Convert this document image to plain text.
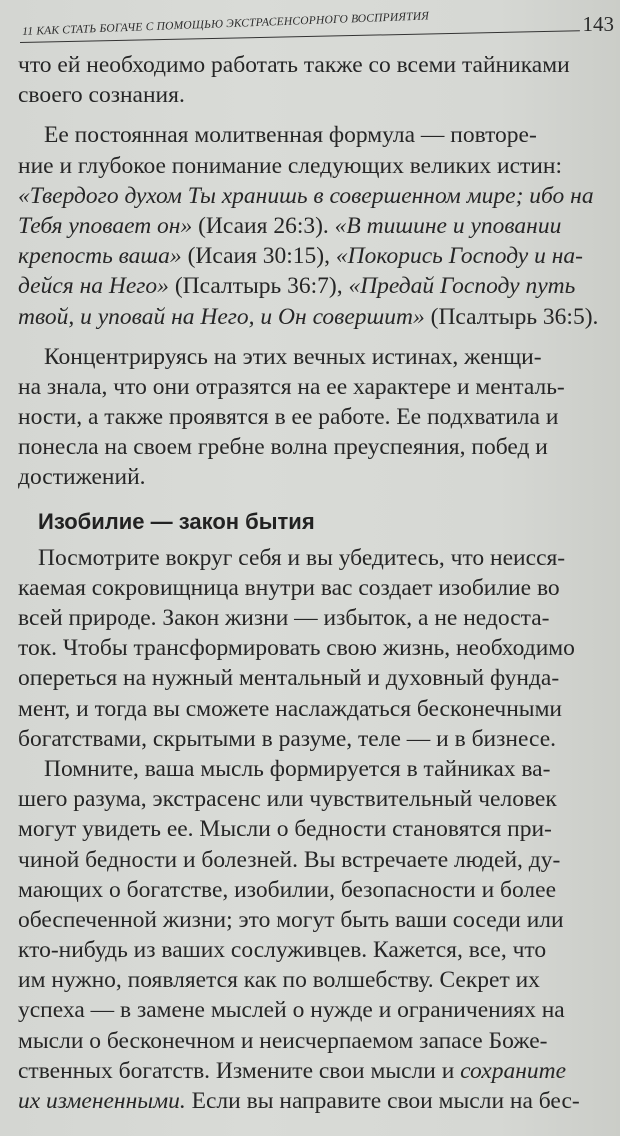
11 КАК СТАТЬ БОГАЧЕ С ПОМОЩЬЮ ЭКСТРАСЕНСОРНОГО ВОСПРИЯТИЯ	143
что ей необходимо работать также со всеми тайниками
своего сознания.
Ее постоянная молитвенная формула — повторе-
ние и глубокое понимание следующих великих истин:
«Твердого духом Ты хранишь в совершенном мире; ибо на
Тебя уповает он» (Исаия 26:3). «В тишине и уповании
крепость ваша» (Исаия 30:15), «Покорись Господу и на-
дейся на Него» (Псалтырь 36:7), «Предай Господу путь
твой, и уповай на Него, и Он совершит» (Псалтырь 36:5).
Концентрируясь на этих вечных истинах, женщи-
на знала, что они отразятся на ее характере и менталь-
ности, а также проявятся в ее работе. Ее подхватила и
понесла на своем гребне волна преуспеяния, побед и
достижений.
Изобилие — закон бытия
Посмотрите вокруг себя и вы убедитесь, что неисся-
каемая сокровищница внутри вас создает изобилие во
всей природе. Закон жизни — избыток, а не недоста-
ток. Чтобы трансформировать свою жизнь, необходимо
опереться на нужный ментальный и духовный фунда-
мент, и тогда вы сможете наслаждаться бесконечными
богатствами, скрытыми в разуме, теле — и в бизнесе.
Помните, ваша мысль формируется в тайниках ва-
шего разума, экстрасенс или чувствительный человек
могут увидеть ее. Мысли о бедности становятся при-
чиной бедности и болезней. Вы встречаете людей, ду-
мающих о богатстве, изобилии, безопасности и более
обеспеченной жизни; это могут быть ваши соседи или
кто-нибудь из ваших сослуживцев. Кажется, все, что
им нужно, появляется как по волшебству. Секрет их
успеха — в замене мыслей о нужде и ограничениях на
мысли о бесконечном и неисчерпаемом запасе Боже-
ственных богатств. Измените свои мысли и сохраните
их измененными. Если вы направите свои мысли на бес-
